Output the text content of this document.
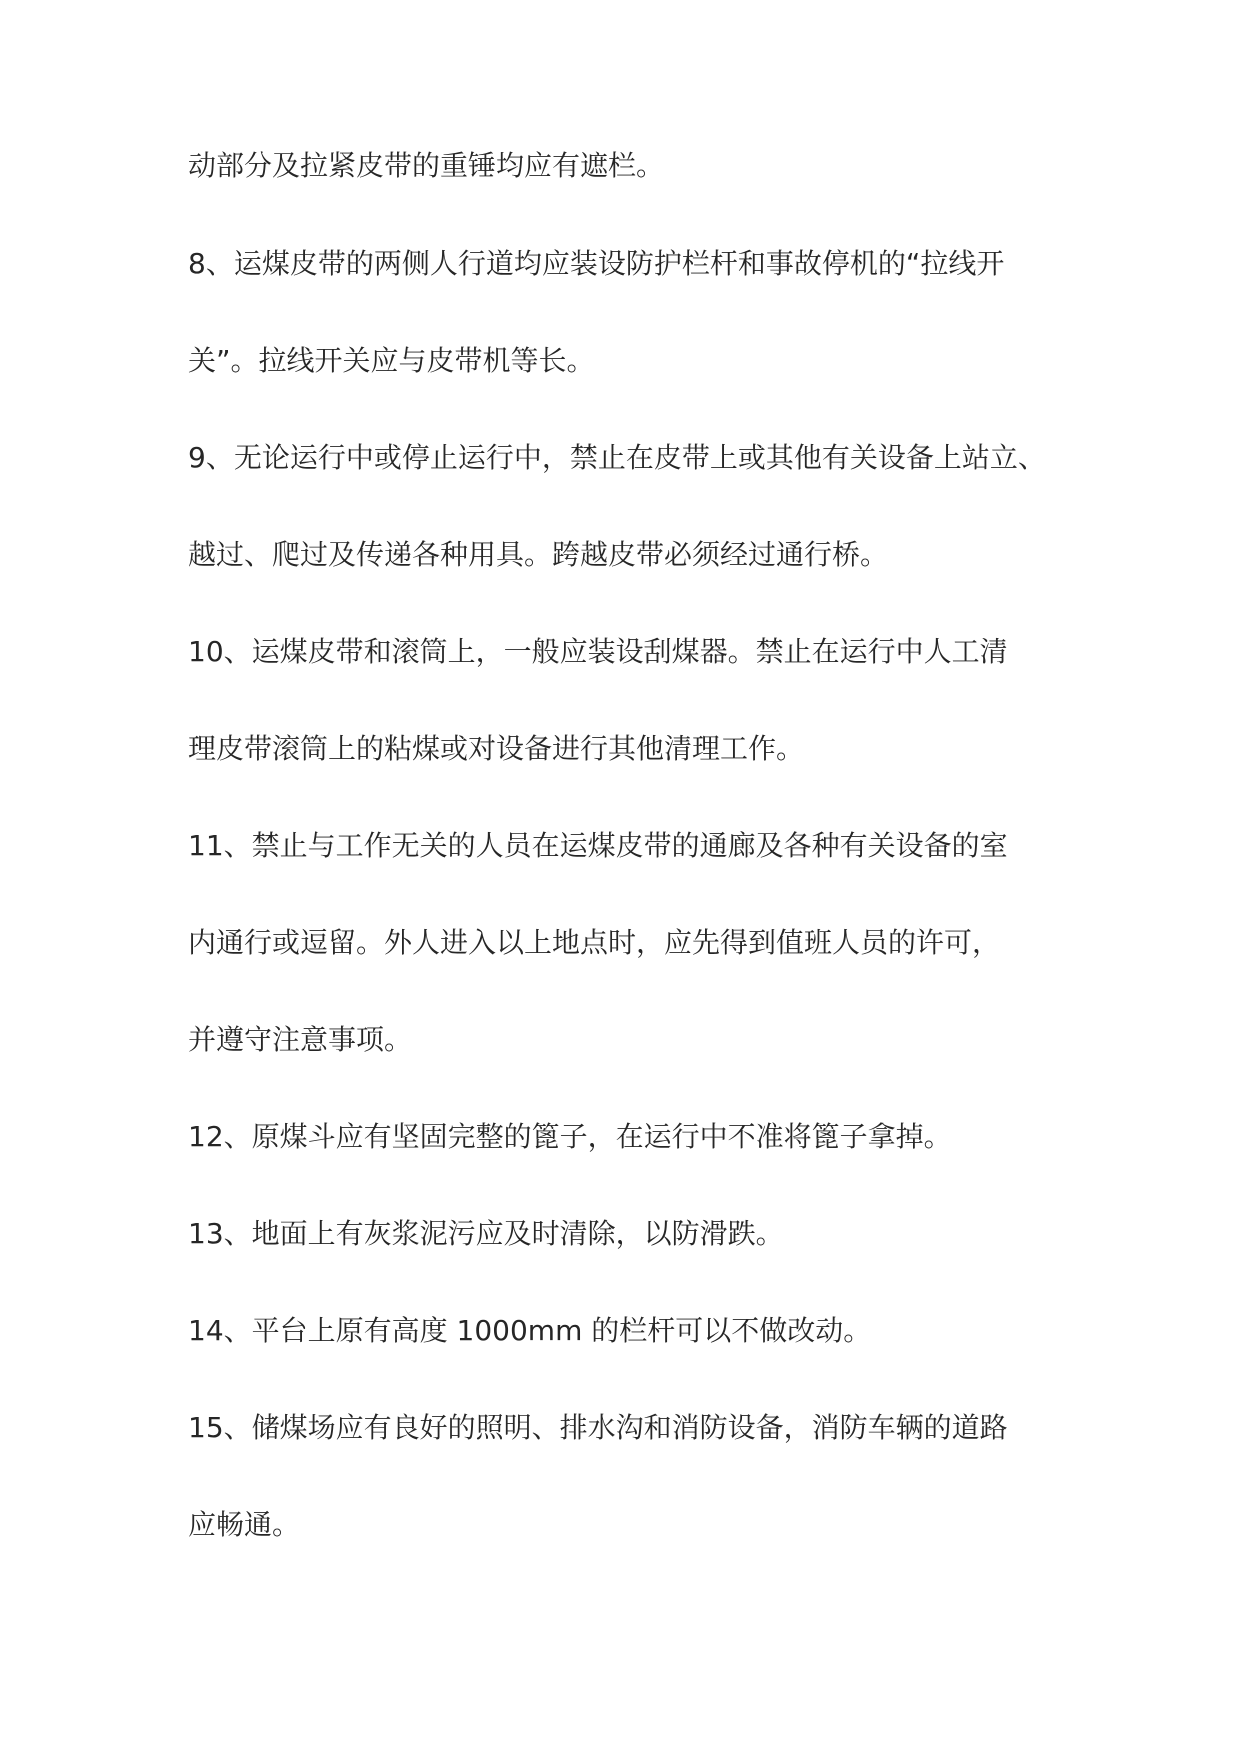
动部分及拉紧皮带的重锤均应有遮栏。
8、运煤皮带的两侧人行道均应装设防护栏杆和事故停机的“拉线开
关”。拉线开关应与皮带机等长。
9、无论运行中或停止运行中，禁止在皮带上或其他有关设备上站立、
越过、爬过及传递各种用具。跨越皮带必须经过通行桥。
10、运煤皮带和滚筒上，一般应装设刮煤器。禁止在运行中人工清
理皮带滚筒上的粘煤或对设备进行其他清理工作。
11、禁止与工作无关的人员在运煤皮带的通廊及各种有关设备的室
内通行或逗留。外人进入以上地点时，应先得到值班人员的许可，
并遵守注意事项。
12、原煤斗应有坚固完整的篦子，在运行中不准将篦子拿掉。
13、地面上有灰浆泥污应及时清除，以防滑跌。
14、平台上原有高度 1000mm 的栏杆可以不做改动。
15、储煤场应有良好的照明、排水沟和消防设备，消防车辆的道路
应畅通。
